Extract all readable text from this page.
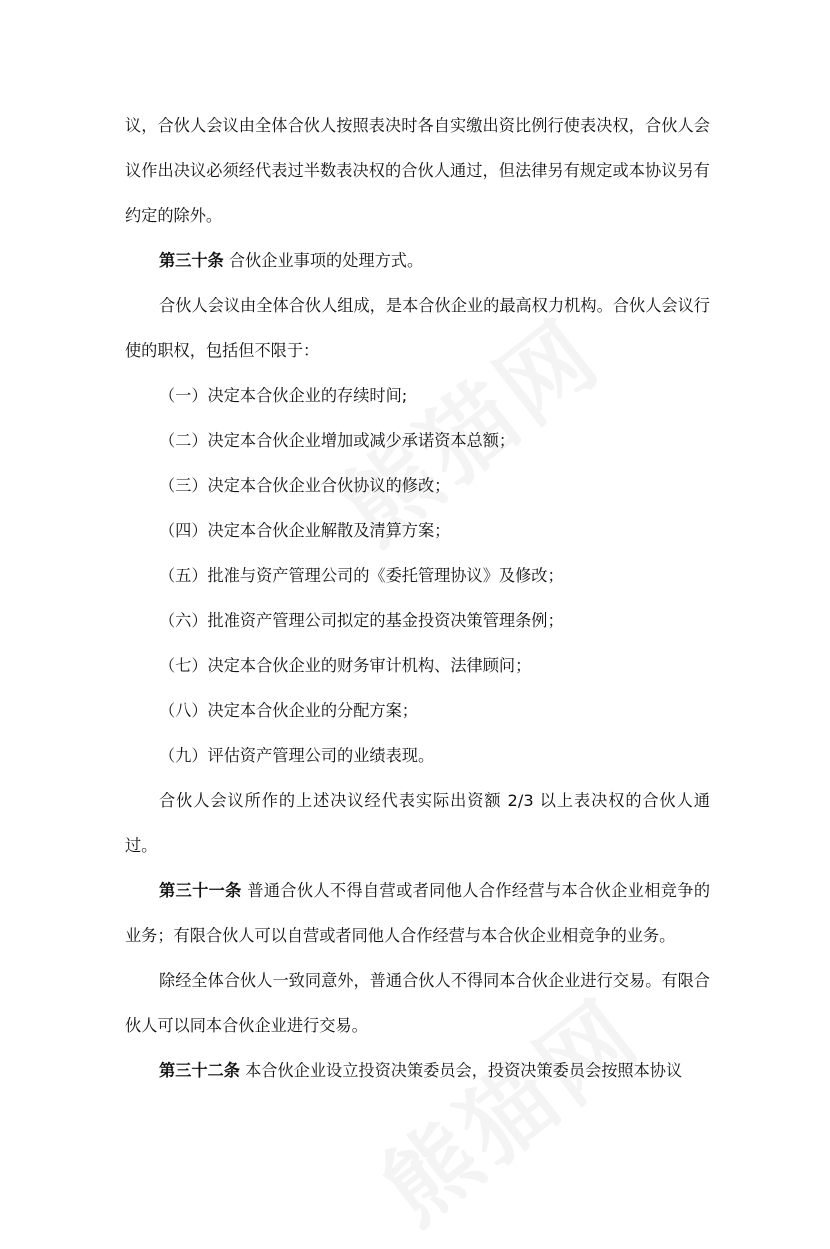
议，合伙人会议由全体合伙人按照表决时各自实缴出资比例行使表决权，合伙人会议作出决议必须经代表过半数表决权的合伙人通过，但法律另有规定或本协议另有约定的除外。

第三十条 合伙企业事项的处理方式。

合伙人会议由全体合伙人组成，是本合伙企业的最高权力机构。合伙人会议行使的职权，包括但不限于：

（一）决定本合伙企业的存续时间;

（二）决定本合伙企业增加或减少承诺资本总额；

（三）决定本合伙企业合伙协议的修改；

（四）决定本合伙企业解散及清算方案；

（五）批准与资产管理公司的《委托管理协议》及修改；

（六）批准资产管理公司拟定的基金投资决策管理条例；

（七）决定本合伙企业的财务审计机构、法律顾问；

（八）决定本合伙企业的分配方案；

（九）评估资产管理公司的业绩表现。

合伙人会议所作的上述决议经代表实际出资额 2/3 以上表决权的合伙人通过。

第三十一条 普通合伙人不得自营或者同他人合作经营与本合伙企业相竞争的业务；有限合伙人可以自营或者同他人合作经营与本合伙企业相竞争的业务。

除经全体合伙人一致同意外，普通合伙人不得同本合伙企业进行交易。有限合伙人可以同本合伙企业进行交易。

第三十二条 本合伙企业设立投资决策委员会，投资决策委员会按照本协议
